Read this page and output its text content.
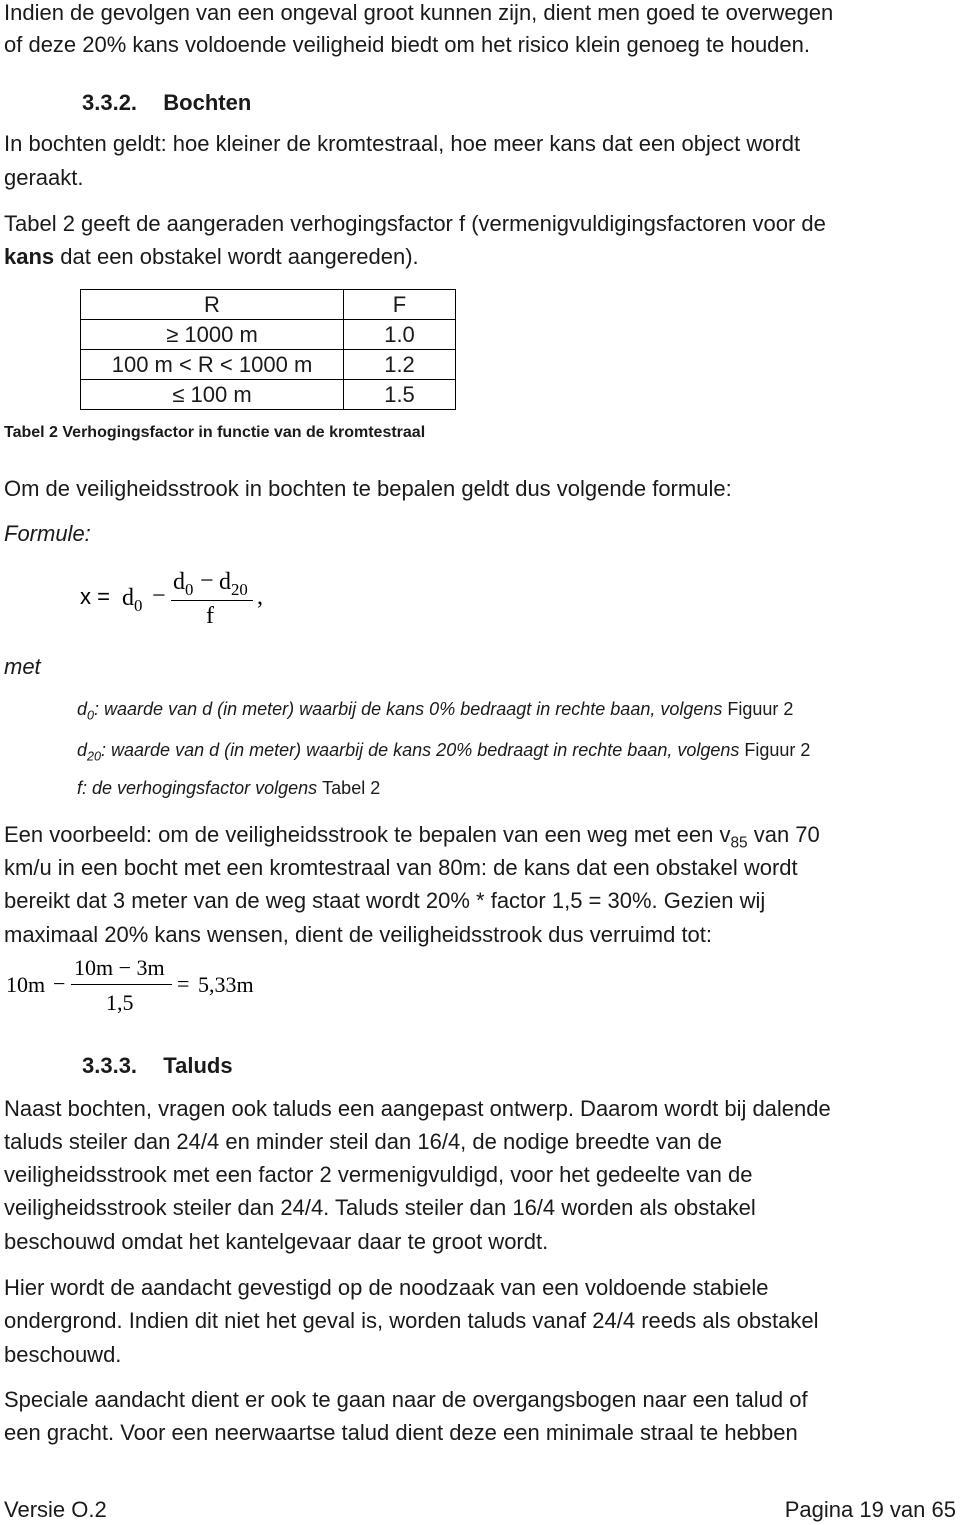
Indien de gevolgen van een ongeval groot kunnen zijn, dient men goed te overwegen
of deze 20% kans voldoende veiligheid biedt om het risico klein genoeg te houden.
3.3.2. Bochten
In bochten geldt: hoe kleiner de kromtestraal, hoe meer kans dat een object wordt
geraakt.
Tabel 2 geeft de aangeraden verhogingsfactor f (vermenigvuldigingsfactoren voor de
kans dat een obstakel wordt aangereden).
R	F
≥ 1000 m	1.0
100 m < R < 1000 m	1.2
≤ 100 m	1.5
Tabel 2 Verhogingsfactor in functie van de kromtestraal
Om de veiligheidsstrook in bochten te bepalen geldt dus volgende formule:
Formule:
$x = d_0$ −
$d_0 - d_{20}$
f
,
met
$d_0$: waarde van d (in meter) waarbij de kans 0% bedraagt in rechte baan, volgens Figuur 2
$d_{20}$: waarde van d (in meter) waarbij de kans 20% bedraagt in rechte baan, volgens Figuur 2
f: de verhogingsfactor volgens Tabel 2
Een voorbeeld: om de veiligheidsstrook te bepalen van een weg met een $v_{85}$ van 70
km/u in een bocht met een kromtestraal van 80m: de kans dat een obstakel wordt
bereikt dat 3 meter van de weg staat wordt 20% * factor 1,5 = 30%. Gezien wij
maximaal 20% kans wensen, dient de veiligheidsstrook dus verruimd tot:
10m −
10m − 3m
1,5
= 5,33m
3.3.3. Taluds
Naast bochten, vragen ook taluds een aangepast ontwerp. Daarom wordt bij dalende
taluds steiler dan 24/4 en minder steil dan 16/4, de nodige breedte van de
veiligheidsstrook met een factor 2 vermenigvuldigd, voor het gedeelte van de
veiligheidsstrook steiler dan 24/4. Taluds steiler dan 16/4 worden als obstakel
beschouwd omdat het kantelgevaar daar te groot wordt.
Hier wordt de aandacht gevestigd op de noodzaak van een voldoende stabiele
ondergrond. Indien dit niet het geval is, worden taluds vanaf 24/4 reeds als obstakel
beschouwd.
Speciale aandacht dient er ook te gaan naar de overgangsbogen naar een talud of
een gracht. Voor een neerwaartse talud dient deze een minimale straal te hebben
Versie O.2	Pagina 19 van 65
